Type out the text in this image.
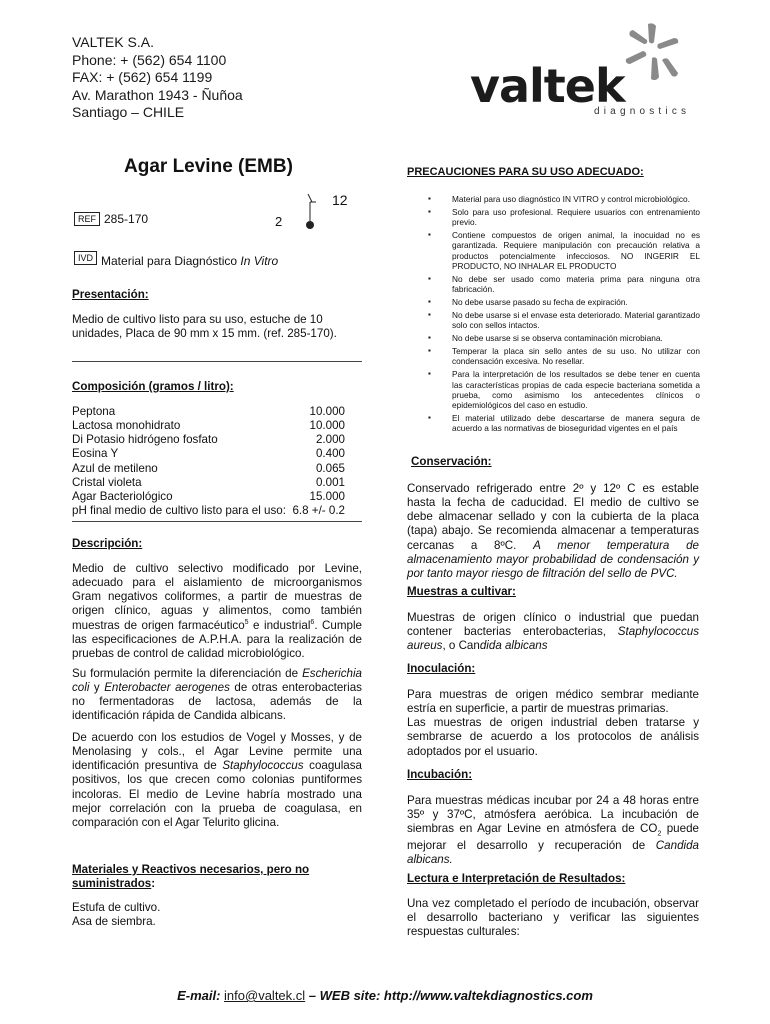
VALTEK S.A.
Phone: + (562) 654 1100
FAX: + (562) 654 1199
Av. Marathon 1943 - Ñuñoa
Santiago – CHILE	valtek
diagnostics
Agar Levine (EMB)
12
2
REF 285-170
IVD Material para Diagnóstico In Vitro
Presentación:
Medio de cultivo listo para su uso, estuche de 10 unidades, Placa de 90 mm x 15 mm. (ref. 285-170).
Composición (gramos / litro):
Peptona	10.000
Lactosa monohidrato	10.000
Di Potasio hidrógeno fosfato	2.000
Eosina Y	0.400
Azul de metileno	0.065
Cristal violeta	0.001
Agar Bacteriológico	15.000
pH final medio de cultivo listo para el uso: 6.8 +/- 0.2
Descripción:
Medio de cultivo selectivo modificado por Levine, adecuado para el aislamiento de microorganismos Gram negativos coliformes, a partir de muestras de origen clínico, aguas y alimentos, como también muestras de origen farmacéutico$^5$ e industrial$^6$. Cumple las especificaciones de A.P.H.A. para la realización de pruebas de control de calidad microbiológico.
Su formulación permite la diferenciación de Escherichia coli y Enterobacter aerogenes de otras enterobacterias no fermentadoras de lactosa, además de la identificación rápida de Candida albicans.
De acuerdo con los estudios de Vogel y Mosses, y de Menolasing y cols., el Agar Levine permite una identificación presuntiva de Staphylococcus coagulasa positivos, los que crecen como colonias puntiformes incoloras. El medio de Levine habría mostrado una mejor correlación con la prueba de coagulasa, en comparación con el Agar Telurito glicina.
Materiales y Reactivos necesarios, pero no suministrados:
Estufa de cultivo.
Asa de siembra.
PRECAUCIONES PARA SU USO ADECUADO:
▪ Material para uso diagnóstico IN VITRO y control microbiológico.
▪ Solo para uso profesional. Requiere usuarios con entrenamiento previo.
▪ Contiene compuestos de origen animal, la inocuidad no es garantizada. Requiere manipulación con precaución relativa a productos potencialmente infecciosos. NO INGERIR EL PRODUCTO, NO INHALAR EL PRODUCTO
▪ No debe ser usado como materia prima para ninguna otra fabricación.
▪ No debe usarse pasado su fecha de expiración.
▪ No debe usarse si el envase esta deteriorado. Material garantizado solo con sellos intactos.
▪ No debe usarse si se observa contaminación microbiana.
▪ Temperar la placa sin sello antes de su uso. No utilizar con condensación excesiva. No resellar.
▪ Para la interpretación de los resultados se debe tener en cuenta las características propias de cada especie bacteriana sometida a prueba, como asimismo los antecedentes clínicos o epidemiológicos del caso en estudio.
▪ El material utilizado debe descartarse de manera segura de acuerdo a las normativas de bioseguridad vigentes en el país
Conservación:
Conservado refrigerado entre 2º y 12º C es estable hasta la fecha de caducidad. El medio de cultivo se debe almacenar sellado y con la cubierta de la placa (tapa) abajo. Se recomienda almacenar a temperaturas cercanas a 8ºC. A menor temperatura de almacenamiento mayor probabilidad de condensación y por tanto mayor riesgo de filtración del sello de PVC.
Muestras a cultivar:
Muestras de origen clínico o industrial que puedan contener bacterias enterobacterias, Staphylococcus aureus, o Candida albicans
Inoculación:
Para muestras de origen médico sembrar mediante estría en superficie, a partir de muestras primarias.
Las muestras de origen industrial deben tratarse y sembrarse de acuerdo a los protocolos de análisis adoptados por el usuario.
Incubación:
Para muestras médicas incubar por 24 a 48 horas entre 35º y 37ºC, atmósfera aeróbica. La incubación de siembras en Agar Levine en atmósfera de $CO_2$ puede mejorar el desarrollo y recuperación de Candida albicans.
Lectura e Interpretación de Resultados:
Una vez completado el período de incubación, observar el desarrollo bacteriano y verificar las siguientes respuestas culturales:
E-mail: info@valtek.cl – WEB site: http://www.valtekdiagnostics.com
